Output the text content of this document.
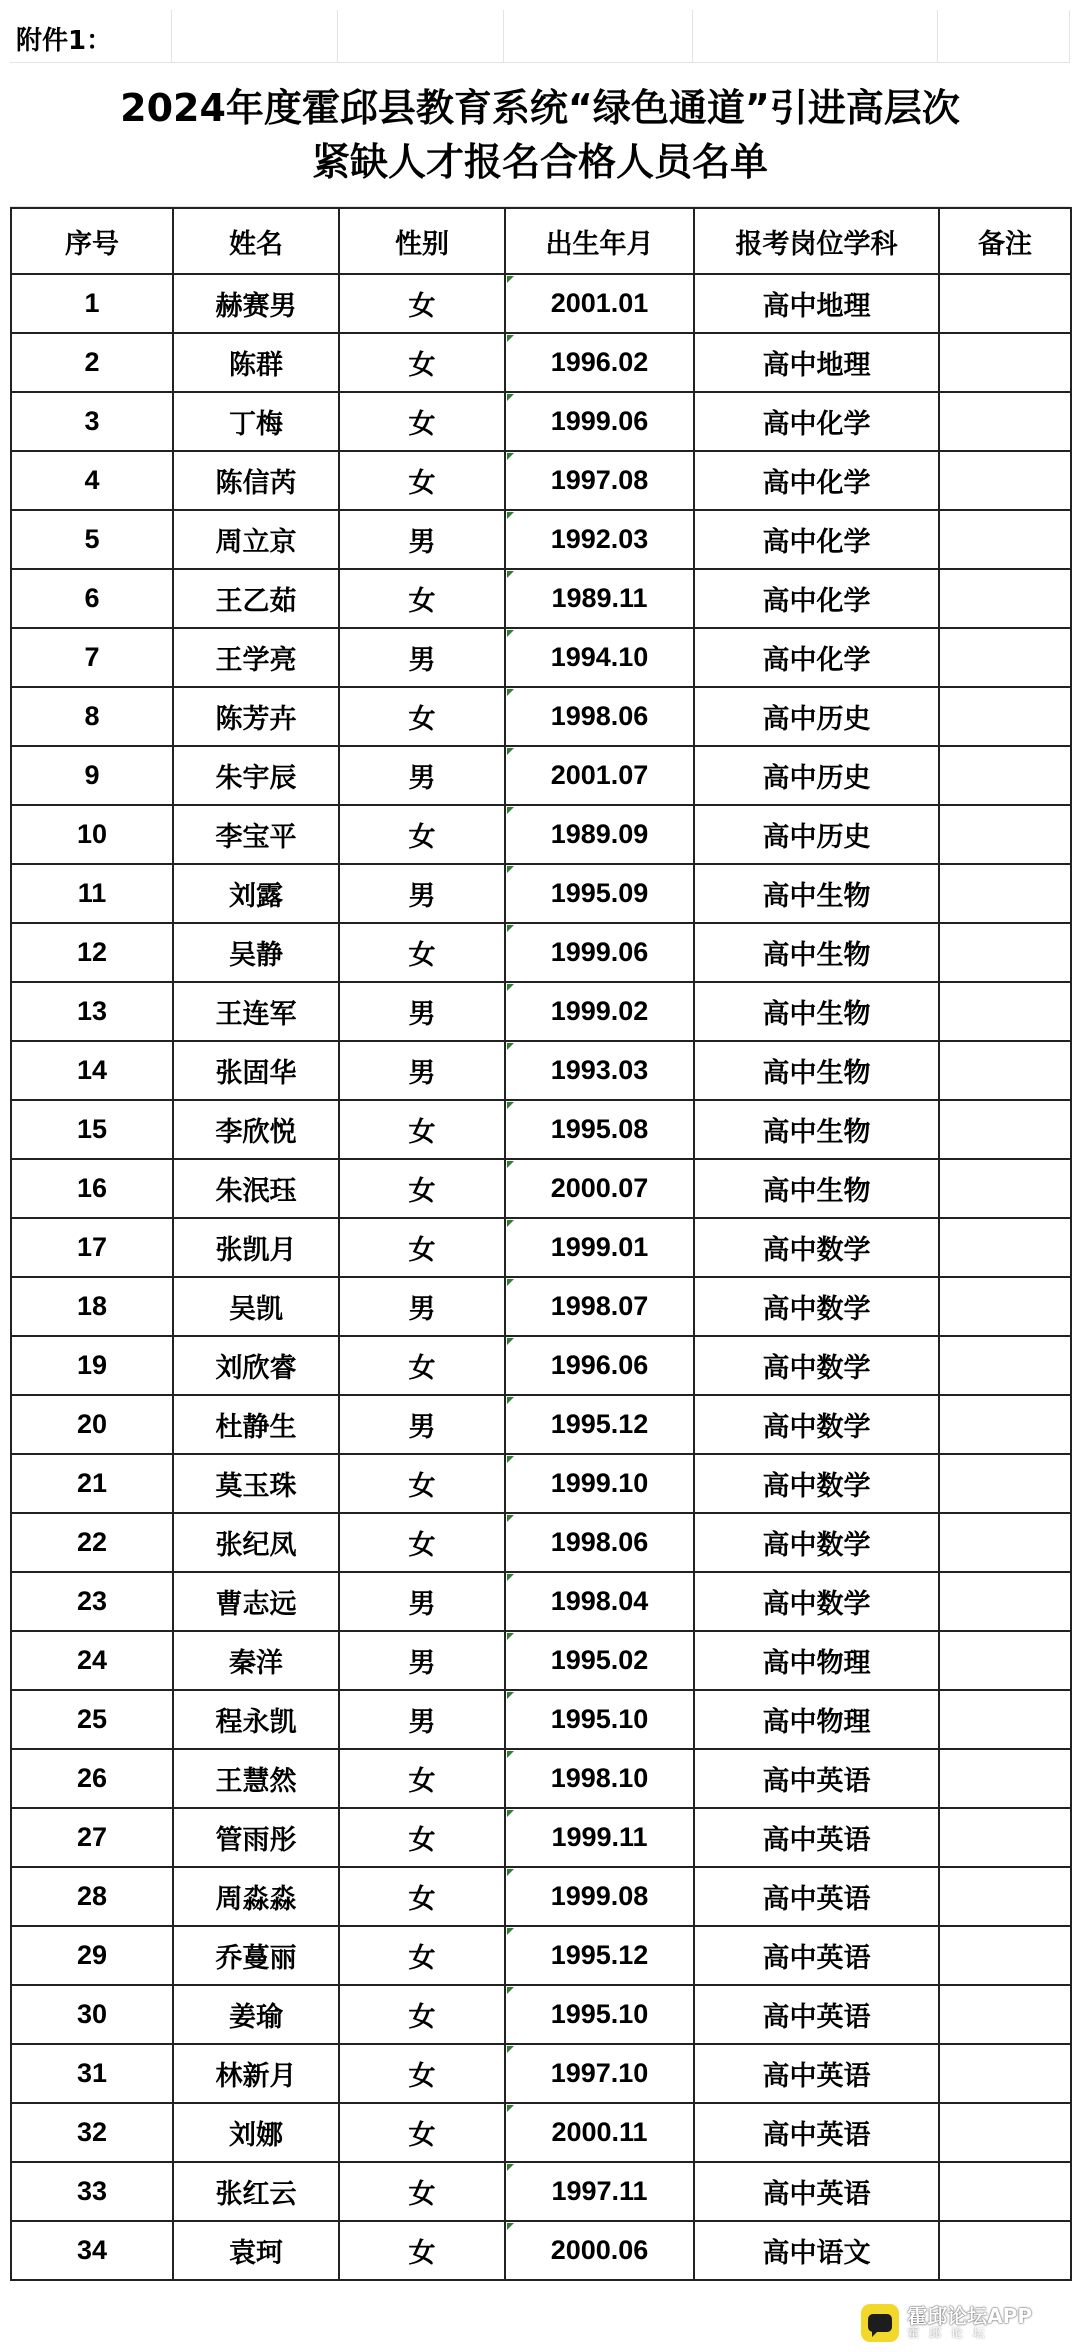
附件1：
2024年度霍邱县教育系统“绿色通道”引进高层次
紧缺人才报名合格人员名单
序号	姓名	性别	出生年月	报考岗位学科	备注
1	赫赛男	女	2001.01	高中地理	
2	陈群	女	1996.02	高中地理	
3	丁梅	女	1999.06	高中化学	
4	陈信芮	女	1997.08	高中化学	
5	周立京	男	1992.03	高中化学	
6	王乙茹	女	1989.11	高中化学	
7	王学亮	男	1994.10	高中化学	
8	陈芳卉	女	1998.06	高中历史	
9	朱宇辰	男	2001.07	高中历史	
10	李宝平	女	1989.09	高中历史	
11	刘露	男	1995.09	高中生物	
12	吴静	女	1999.06	高中生物	
13	王连军	男	1999.02	高中生物	
14	张固华	男	1993.03	高中生物	
15	李欣悦	女	1995.08	高中生物	
16	朱泯珏	女	2000.07	高中生物	
17	张凯月	女	1999.01	高中数学	
18	吴凯	男	1998.07	高中数学	
19	刘欣睿	女	1996.06	高中数学	
20	杜静生	男	1995.12	高中数学	
21	莫玉珠	女	1999.10	高中数学	
22	张纪凤	女	1998.06	高中数学	
23	曹志远	男	1998.04	高中数学	
24	秦洋	男	1995.02	高中物理	
25	程永凯	男	1995.10	高中物理	
26	王慧然	女	1998.10	高中英语	
27	管雨彤	女	1999.11	高中英语	
28	周淼淼	女	1999.08	高中英语	
29	乔蔓丽	女	1995.12	高中英语	
30	姜瑜	女	1995.10	高中英语	
31	林新月	女	1997.10	高中英语	
32	刘娜	女	2000.11	高中英语	
33	张红云	女	1997.11	高中英语	
34	袁珂	女	2000.06	高中语文	
霍邱论坛APP
霍 邱 论 坛
